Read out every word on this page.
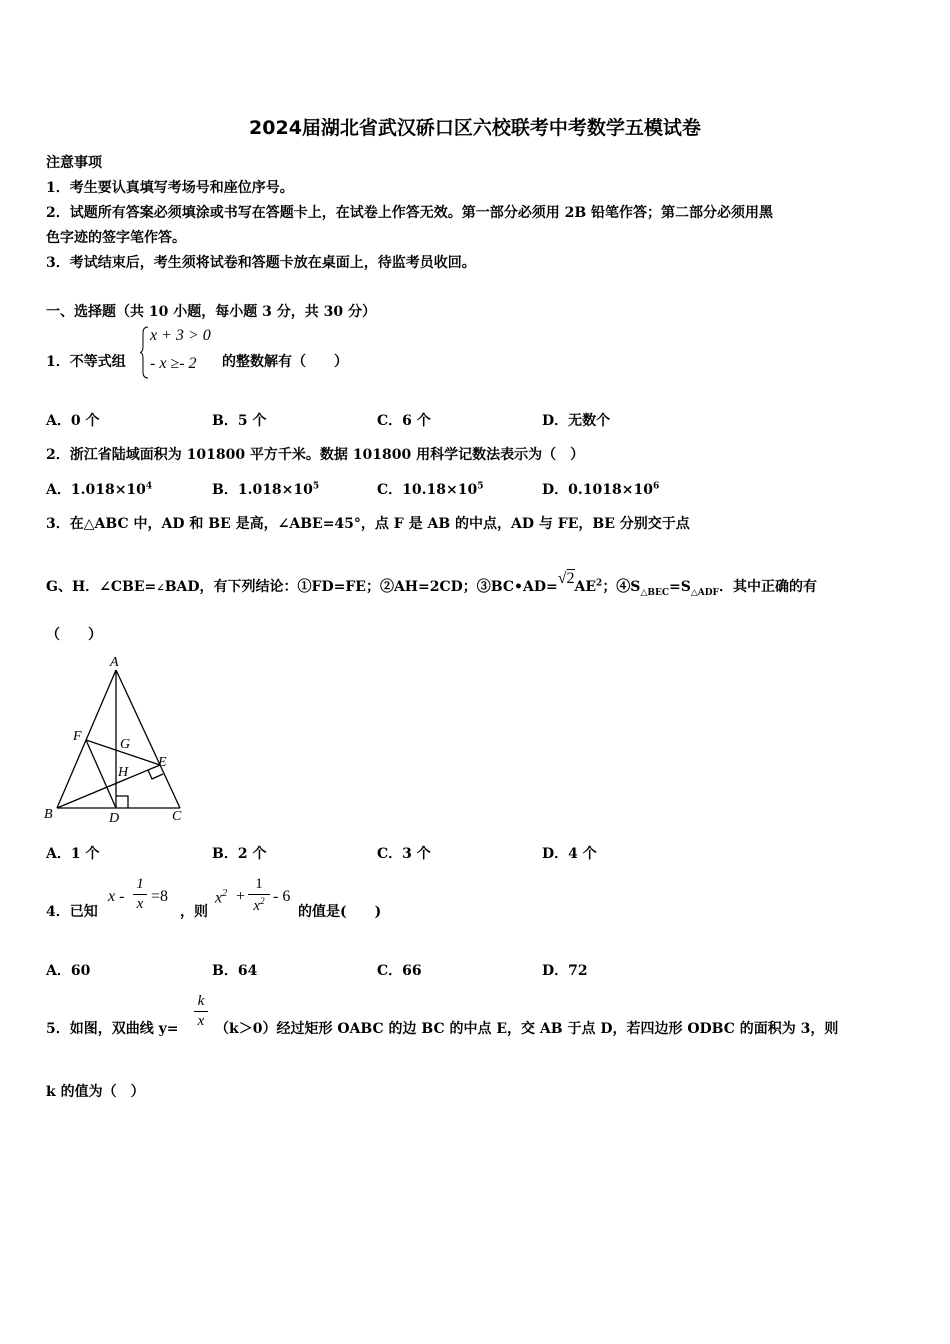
2024届湖北省武汉硚口区六校联考中考数学五模试卷
注意事项
1．考生要认真填写考场号和座位序号。
2．试题所有答案必须填涂或书写在答题卡上，在试卷上作答无效。第一部分必须用 2B 铅笔作答；第二部分必须用黑
色字迹的签字笔作答。
3．考试结束后，考生须将试卷和答题卡放在桌面上，待监考员收回。
一、选择题（共 10 小题，每小题 3 分，共 30 分）
1．不等式组
x + 3 > 0
- x ≥- 2 的整数解有（　　）
A．0 个	B．5 个	C．6 个	D．无数个
2．浙江省陆域面积为 101800 平方千米。数据 101800 用科学记数法表示为（　）
A．$1.018\times 10^4$	B．$1.018\times 10^5$	C．$10.18\times 10^5$	D．$0.1018\times 10^6$
3．在△ABC 中，AD 和 BE 是高，∠ABE=45°，点 F 是 AB 的中点，AD 与 FE，BE 分别交于点
G、H．∠CBE=∠BAD，有下列结论：①FD=FE；②AH=2CD；$③BC•AD=√2AE^2$；$④S_{\triangle BEC}=S_{\triangle ADF}$．其中正确的有
（　　）
A
F
G
H
E
B	D	C
A．1 个	B．2 个	C．3 个	D．4 个
4．已知
x -
1
x =8
，则
$x^2$ +
1
$x^2 - 6$
的值是(　　)
A．60	B．64	C．66	D．72
5．如图，双曲线 y=
k
x （k＞0）经过矩形 OABC 的边 BC 的中点 E，交 AB 于点 D，若四边形 ODBC 的面积为 3，则
k 的值为（　）
